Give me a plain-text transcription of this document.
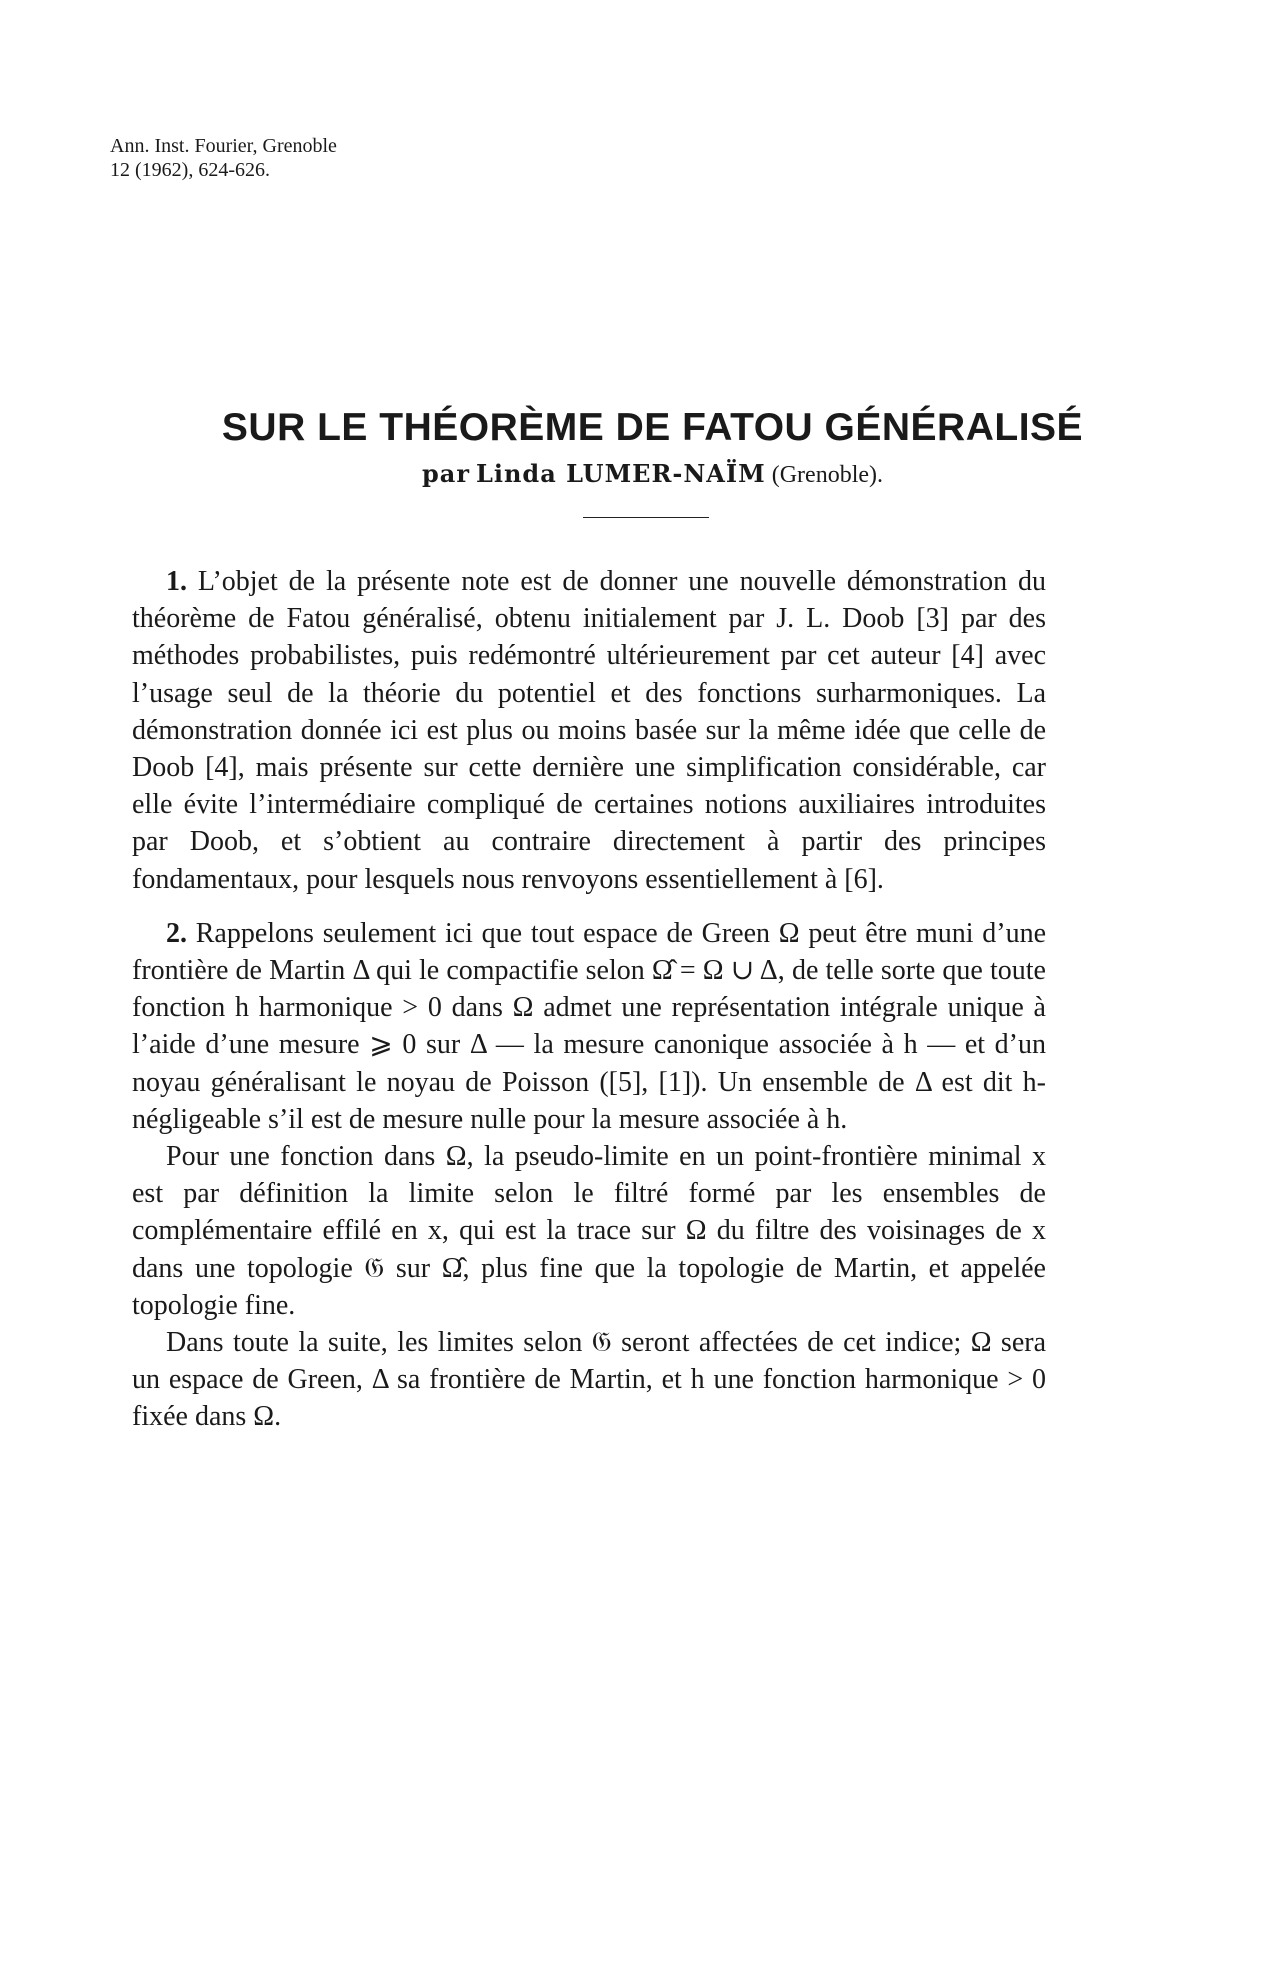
Ann. Inst. Fourier, Grenoble
12 (1962), 624-626.
SUR LE THÉORÈME DE FATOU GÉNÉRALISÉ
par Linda LUMER-NAÏM (Grenoble).

1. L’objet de la présente note est de donner une nouvelle démonstration du théorème de Fatou généralisé, obtenu initialement par J. L. Doob [3] par des méthodes probabilistes, puis redémontré ultérieurement par cet auteur [4] avec l’usage seul de la théorie du potentiel et des fonctions surharmoniques. La démonstration donnée ici est plus ou moins basée sur la même idée que celle de Doob [4], mais présente sur cette dernière une simplification considérable, car elle évite l’intermédiaire compliqué de certaines notions auxiliaires introduites par Doob, et s’obtient au contraire directement à partir des principes fondamentaux, pour lesquels nous renvoyons essentiellement à [6].

2. Rappelons seulement ici que tout espace de Green Ω peut être muni d’une frontière de Martin Δ qui le compactifie selon Ω̂ = Ω ∪ Δ, de telle sorte que toute fonction h harmonique > 0 dans Ω admet une représentation intégrale unique à l’aide d’une mesure ⩾ 0 sur Δ — la mesure canonique associée à h — et d’un noyau généralisant le noyau de Poisson ([5], [1]). Un ensemble de Δ est dit h-négligeable s’il est de mesure nulle pour la mesure associée à h.

Pour une fonction dans Ω, la pseudo-limite en un point-frontière minimal x est par définition la limite selon le filtré formé par les ensembles de complémentaire effilé en x, qui est la trace sur Ω du filtre des voisinages de x dans une topologie 𝔊 sur Ω̂, plus fine que la topologie de Martin, et appelée topologie fine.

Dans toute la suite, les limites selon 𝔊 seront affectées de cet indice; Ω sera un espace de Green, Δ sa frontière de Martin, et h une fonction harmonique > 0 fixée dans Ω.
